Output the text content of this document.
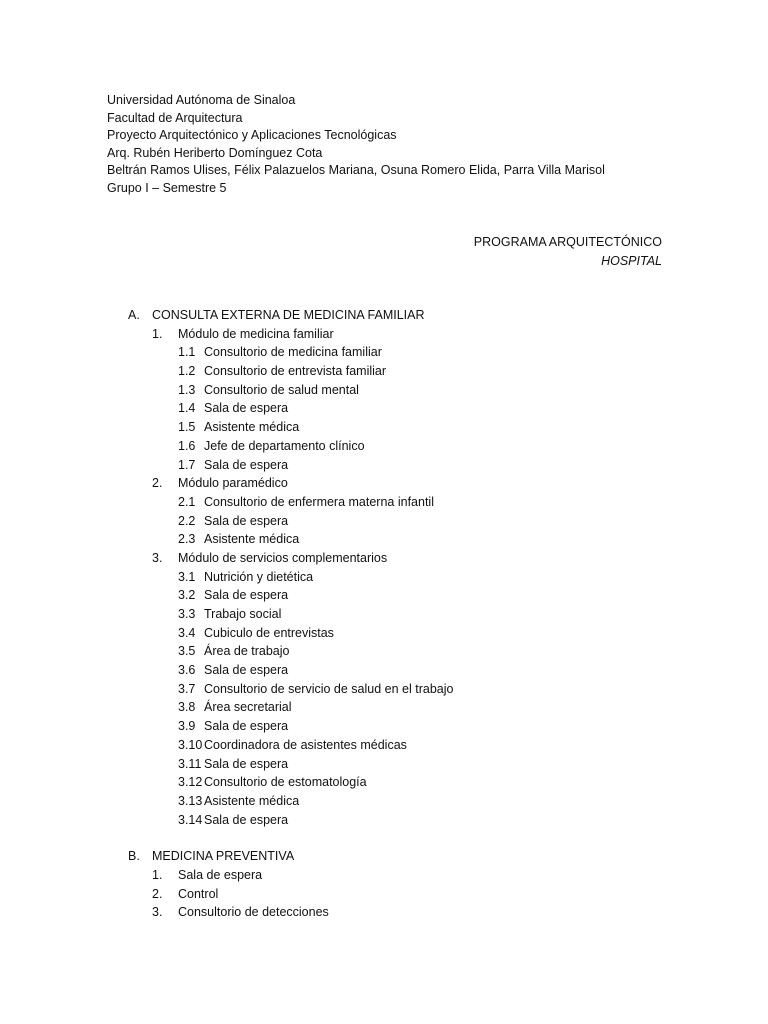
Universidad Autónoma de Sinaloa
Facultad de Arquitectura
Proyecto Arquitectónico y Aplicaciones Tecnológicas
Arq. Rubén Heriberto Domínguez Cota
Beltrán Ramos Ulises, Félix Palazuelos Mariana, Osuna Romero Elida, Parra Villa Marisol
Grupo I – Semestre 5
PROGRAMA ARQUITECTÓNICO
HOSPITAL
A. CONSULTA EXTERNA DE MEDICINA FAMILIAR
1.	Módulo de medicina familiar
1.1 Consultorio de medicina familiar
1.2 Consultorio de entrevista familiar
1.3 Consultorio de salud mental
1.4 Sala de espera
1.5 Asistente médica
1.6 Jefe de departamento clínico
1.7 Sala de espera
2.	Módulo paramédico
2.1 Consultorio de enfermera materna infantil
2.2 Sala de espera
2.3 Asistente médica
3.	Módulo de servicios complementarios
3.1 Nutrición y dietética
3.2 Sala de espera
3.3 Trabajo social
3.4 Cubiculo de entrevistas
3.5 Área de trabajo
3.6 Sala de espera
3.7 Consultorio de servicio de salud en el trabajo
3.8 Área secretarial
3.9 Sala de espera
3.10 Coordinadora de asistentes médicas
3.11 Sala de espera
3.12 Consultorio de estomatología
3.13 Asistente médica
3.14 Sala de espera
B. MEDICINA PREVENTIVA
1.	Sala de espera
2.	Control
3.	Consultorio de detecciones
